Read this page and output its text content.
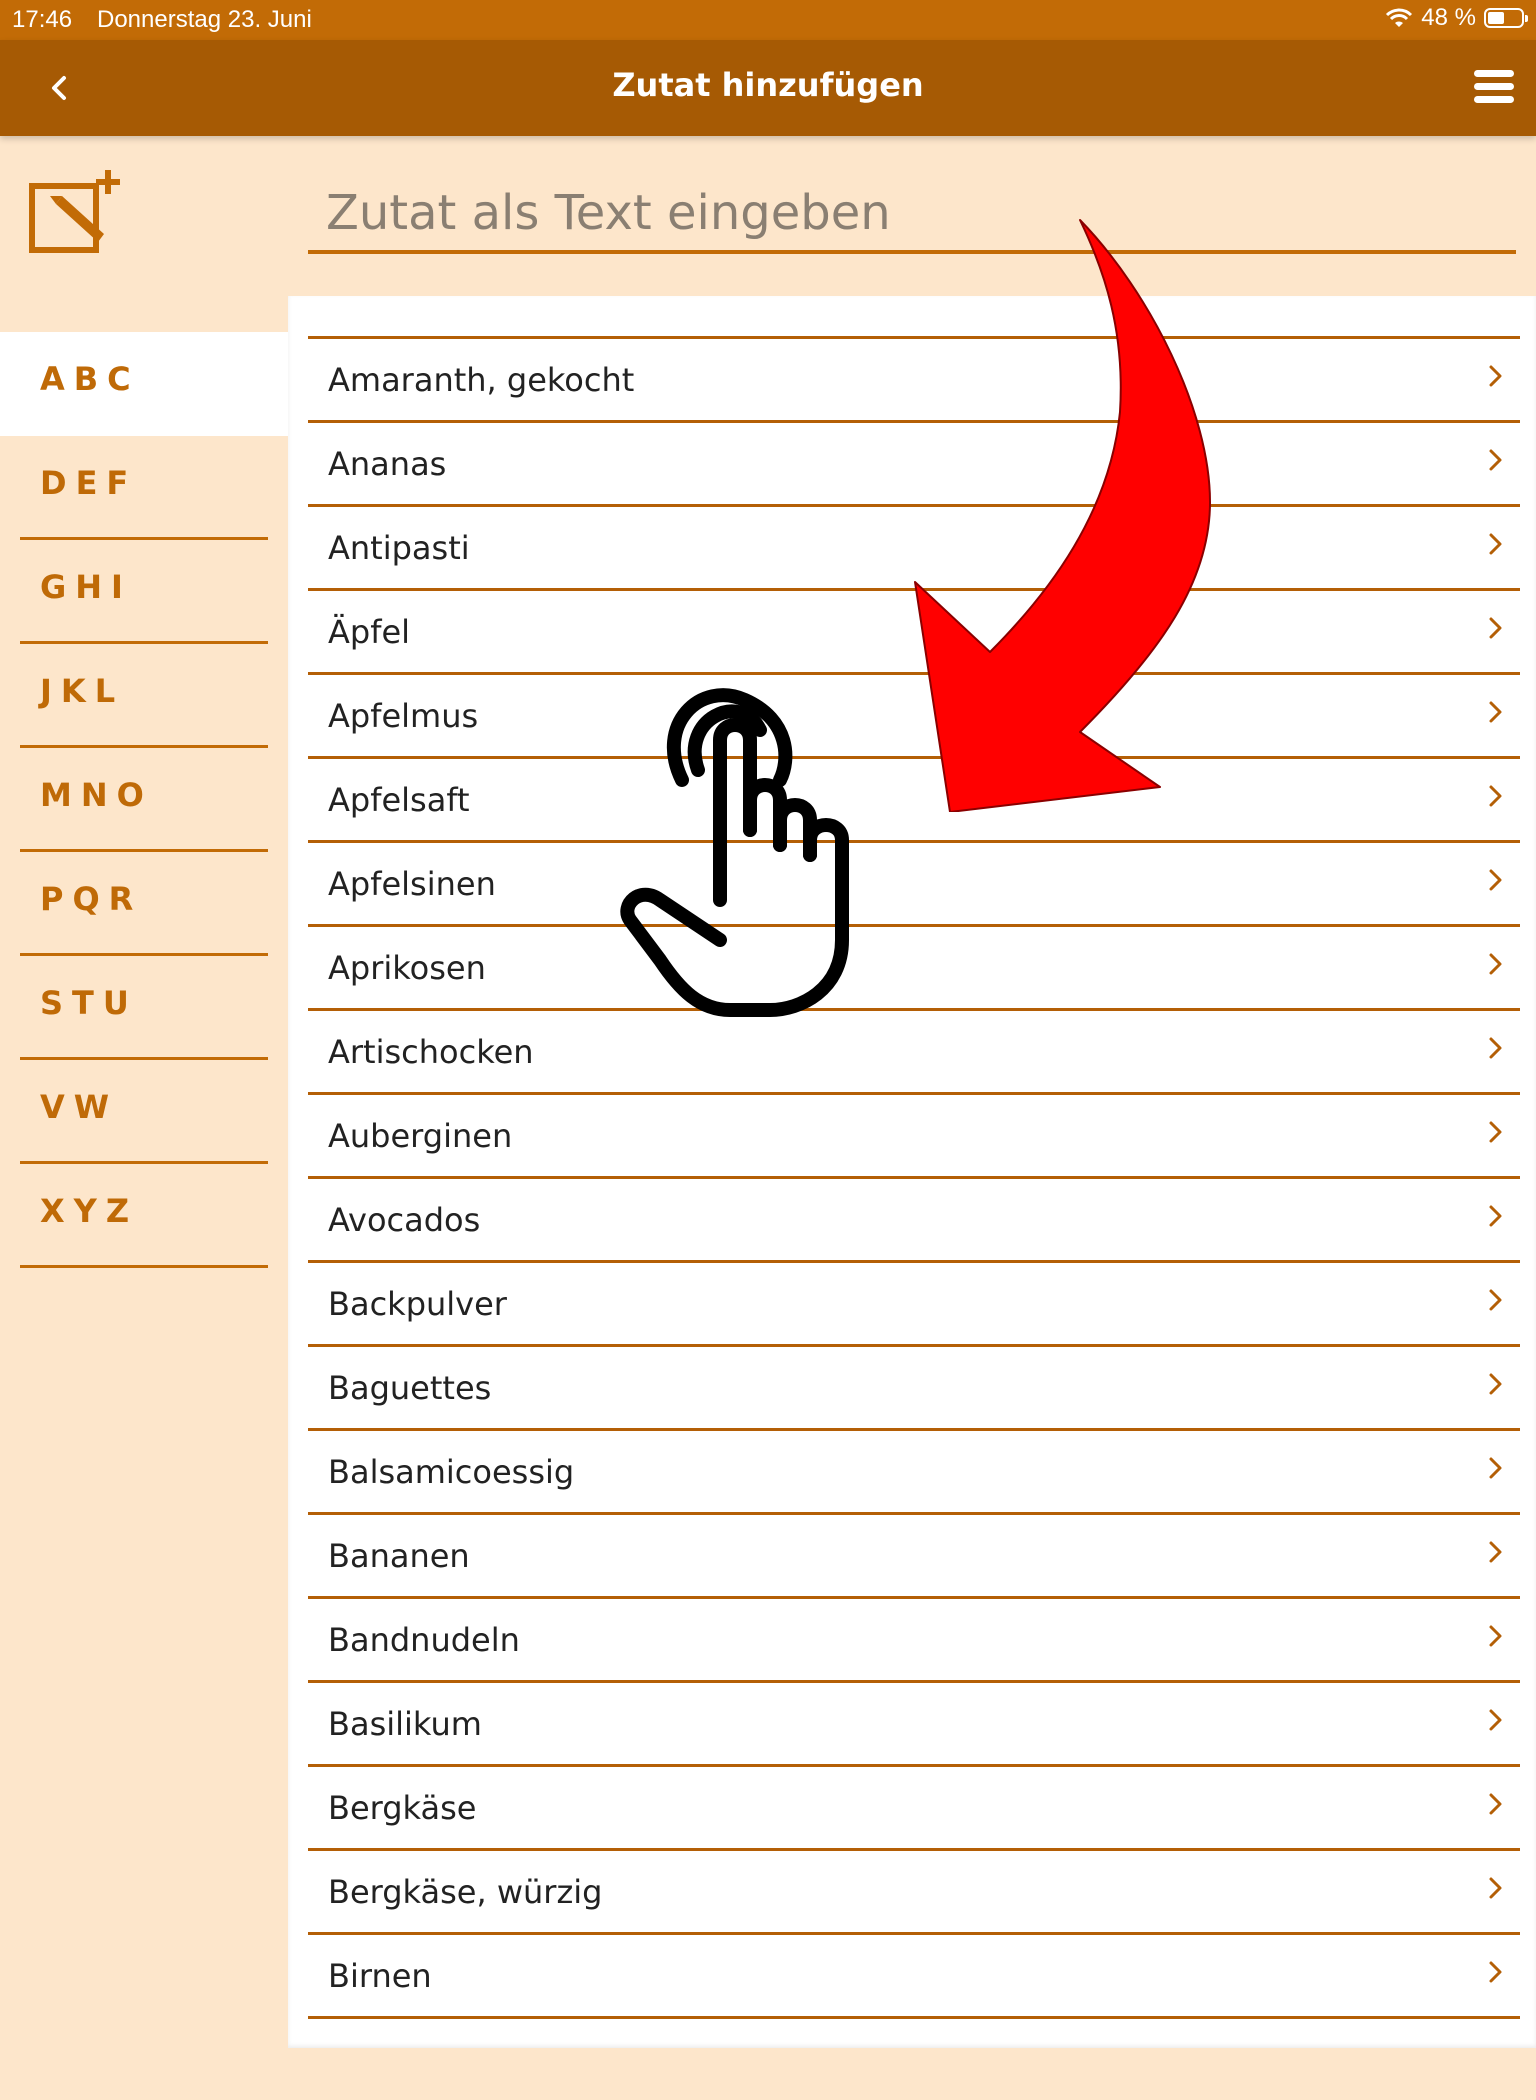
17:46 Donnerstag 23. Juni	48 %
Zutat hinzufügen
Zutat als Text eingeben
ABC
DEF
GHI
JKL
MNO
PQR
STU
VW
XYZ
Amaranth, gekocht
Ananas
Antipasti
Äpfel
Apfelmus
Apfelsaft
Apfelsinen
Aprikosen
Artischocken
Auberginen
Avocados
Backpulver
Baguettes
Balsamicoessig
Bananen
Bandnudeln
Basilikum
Bergkäse
Bergkäse, würzig
Birnen
